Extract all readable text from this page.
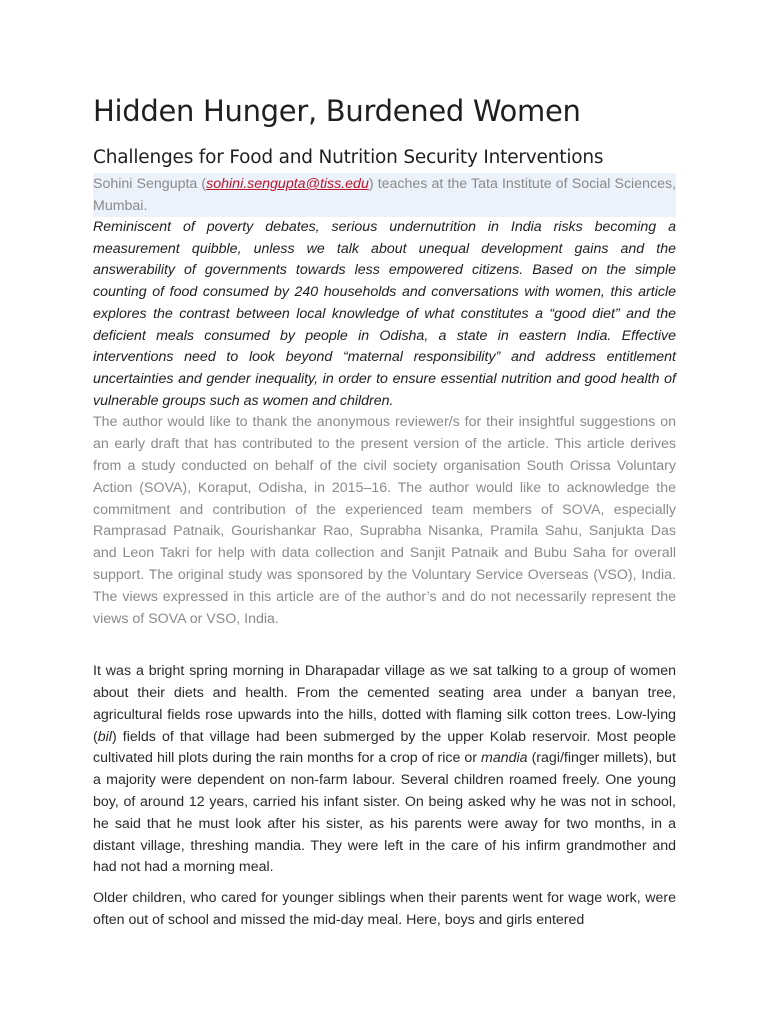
Hidden Hunger, Burdened Women
Challenges for Food and Nutrition Security Interventions

Sohini Sengupta (sohini.sengupta@tiss.edu) teaches at the Tata Institute of Social Sciences, Mumbai.

Reminiscent of poverty debates, serious undernutrition in India risks becoming a measurement quibble, unless we talk about unequal development gains and the answerability of governments towards less empowered citizens. Based on the simple counting of food consumed by 240 households and conversations with women, this article explores the contrast between local knowledge of what constitutes a “good diet” and the deficient meals consumed by people in Odisha, a state in eastern India. Effective interventions need to look beyond “maternal responsibility” and address entitlement uncertainties and gender inequality, in order to ensure essential nutrition and good health of vulnerable groups such as women and children.

The author would like to thank the anonymous reviewer/s for their insightful suggestions on an early draft that has contributed to the present version of the article. This article derives from a study conducted on behalf of the civil society organisation South Orissa Voluntary Action (SOVA), Koraput, Odisha, in 2015–16. The author would like to acknowledge the commitment and contribution of the experienced team members of SOVA, especially Ramprasad Patnaik, Gourishankar Rao, Suprabha Nisanka, Pramila Sahu, Sanjukta Das and Leon Takri for help with data collection and Sanjit Patnaik and Bubu Saha for overall support. The original study was sponsored by the Voluntary Service Overseas (VSO), India. The views expressed in this article are of the author’s and do not necessarily represent the views of SOVA or VSO, India.

It was a bright spring morning in Dharapadar village as we sat talking to a group of women about their diets and health. From the cemented seating area under a banyan tree, agricultural fields rose upwards into the hills, dotted with flaming silk cotton trees. Low-lying (bil) fields of that village had been submerged by the upper Kolab reservoir. Most people cultivated hill plots during the rain months for a crop of rice or mandia (ragi/finger millets), but a majority were dependent on non-farm labour. Several children roamed freely. One young boy, of around 12 years, carried his infant sister. On being asked why he was not in school, he said that he must look after his sister, as his parents were away for two months, in a distant village, threshing mandia. They were left in the care of his infirm grandmother and had not had a morning meal.

Older children, who cared for younger siblings when their parents went for wage work, were often out of school and missed the mid-day meal. Here, boys and girls entered
